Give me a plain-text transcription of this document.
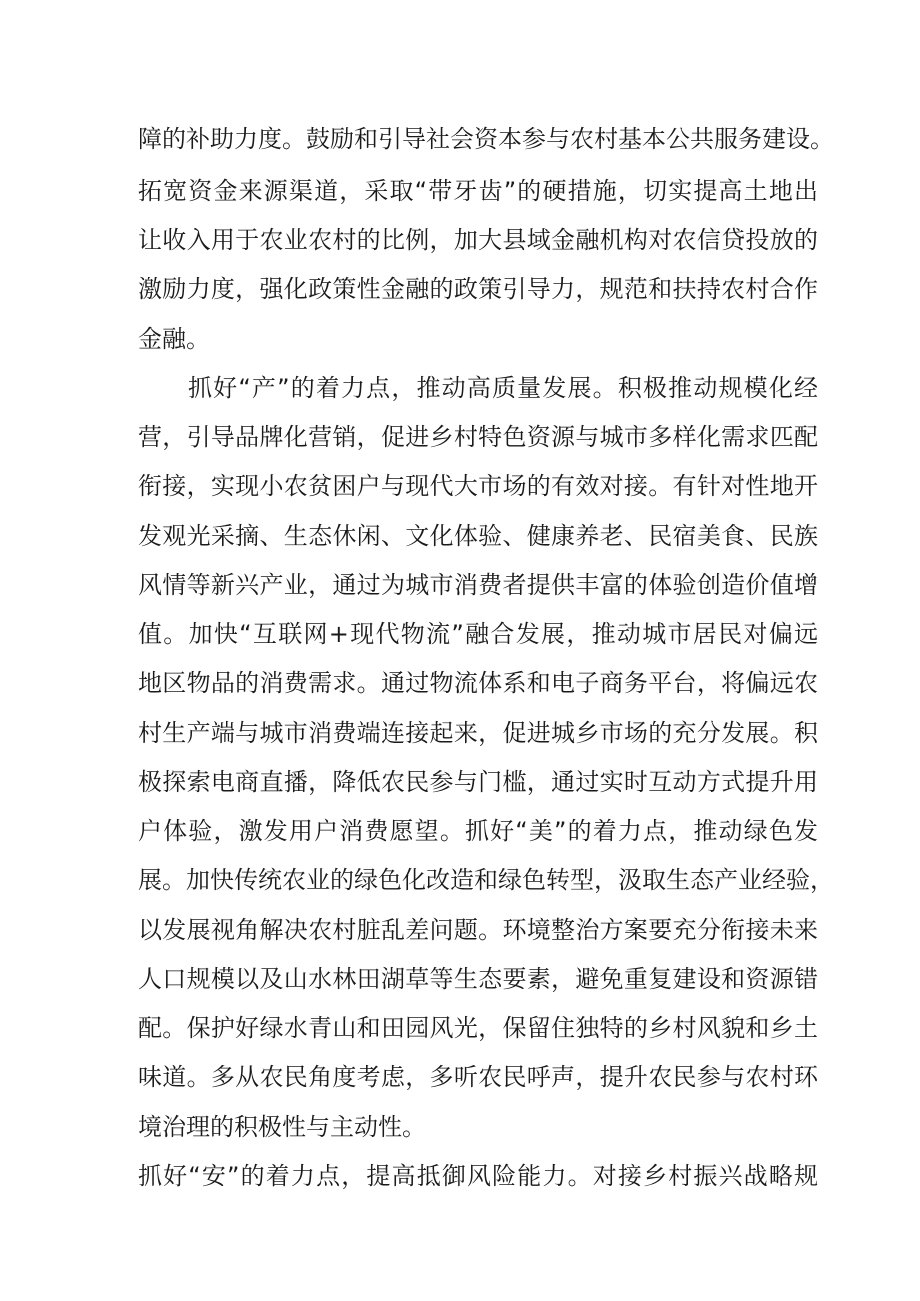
障的补助力度。鼓励和引导社会资本参与农村基本公共服务建设。
拓宽资金来源渠道，采取“带牙齿”的硬措施，切实提高土地出
让收入用于农业农村的比例，加大县域金融机构对农信贷投放的
激励力度，强化政策性金融的政策引导力，规范和扶持农村合作
金融。
抓好“产”的着力点，推动高质量发展。积极推动规模化经
营，引导品牌化营销，促进乡村特色资源与城市多样化需求匹配
衔接，实现小农贫困户与现代大市场的有效对接。有针对性地开
发观光采摘、生态休闲、文化体验、健康养老、民宿美食、民族
风情等新兴产业，通过为城市消费者提供丰富的体验创造价值增
值。加快“互联网+现代物流”融合发展，推动城市居民对偏远
地区物品的消费需求。通过物流体系和电子商务平台，将偏远农
村生产端与城市消费端连接起来，促进城乡市场的充分发展。积
极探索电商直播，降低农民参与门槛，通过实时互动方式提升用
户体验，激发用户消费愿望。抓好“美”的着力点，推动绿色发
展。加快传统农业的绿色化改造和绿色转型，汲取生态产业经验，
以发展视角解决农村脏乱差问题。环境整治方案要充分衔接未来
人口规模以及山水林田湖草等生态要素，避免重复建设和资源错
配。保护好绿水青山和田园风光，保留住独特的乡村风貌和乡土
味道。多从农民角度考虑，多听农民呼声，提升农民参与农村环
境治理的积极性与主动性。
抓好“安”的着力点，提高抵御风险能力。对接乡村振兴战略规
